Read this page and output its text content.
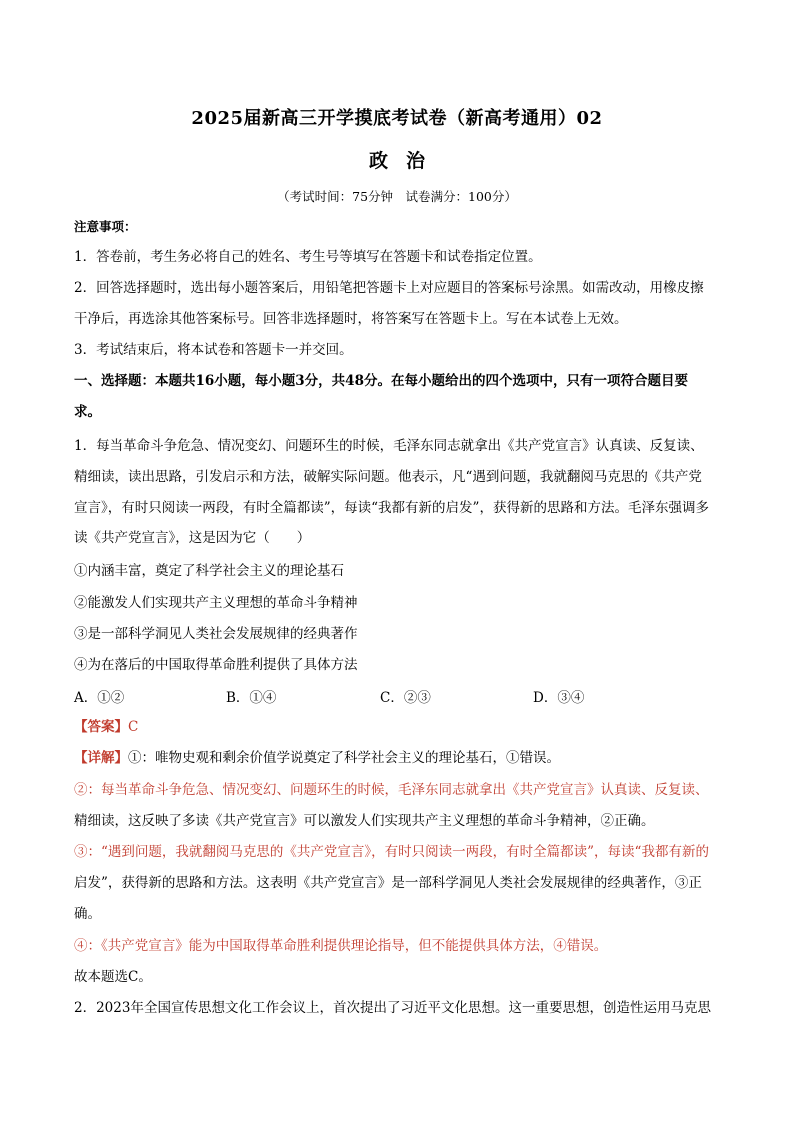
2025届新高三开学摸底考试卷（新高考通用）02
政治
（考试时间：75分钟　试卷满分：100分）
注意事项：
1．答卷前，考生务必将自己的姓名、考生号等填写在答题卡和试卷指定位置。
2．回答选择题时，选出每小题答案后，用铅笔把答题卡上对应题目的答案标号涂黑。如需改动，用橡皮擦
干净后，再选涂其他答案标号。回答非选择题时，将答案写在答题卡上。写在本试卷上无效。
3．考试结束后，将本试卷和答题卡一并交回。
一、选择题：本题共16小题，每小题3分，共48分。在每小题给出的四个选项中，只有一项符合题目要
求。
1．每当革命斗争危急、情况变幻、问题环生的时候，毛泽东同志就拿出《共产党宣言》认真读、反复读、
精细读，读出思路，引发启示和方法，破解实际问题。他表示，凡“遇到问题，我就翻阅马克思的《共产党
宣言》，有时只阅读一两段，有时全篇都读”，每读“我都有新的启发”，获得新的思路和方法。毛泽东强调多
读《共产党宣言》，这是因为它（　　）
①内涵丰富，奠定了科学社会主义的理论基石
②能激发人们实现共产主义理想的革命斗争精神
③是一部科学洞见人类社会发展规律的经典著作
④为在落后的中国取得革命胜利提供了具体方法
A．①②	B．①④	C．②③	D．③④
【答案】C
【详解】①：唯物史观和剩余价值学说奠定了科学社会主义的理论基石，①错误。
②：每当革命斗争危急、情况变幻、问题环生的时候，毛泽东同志就拿出《共产党宣言》认真读、反复读、
精细读，这反映了多读《共产党宣言》可以激发人们实现共产主义理想的革命斗争精神，②正确。
③：“遇到问题，我就翻阅马克思的《共产党宣言》，有时只阅读一两段，有时全篇都读”，每读“我都有新的
启发”，获得新的思路和方法。这表明《共产党宣言》是一部科学洞见人类社会发展规律的经典著作，③正
确。
④：《共产党宣言》能为中国取得革命胜利提供理论指导，但不能提供具体方法，④错误。
故本题选C。
2．2023年全国宣传思想文化工作会议上，首次提出了习近平文化思想。这一重要思想，创造性运用马克思
